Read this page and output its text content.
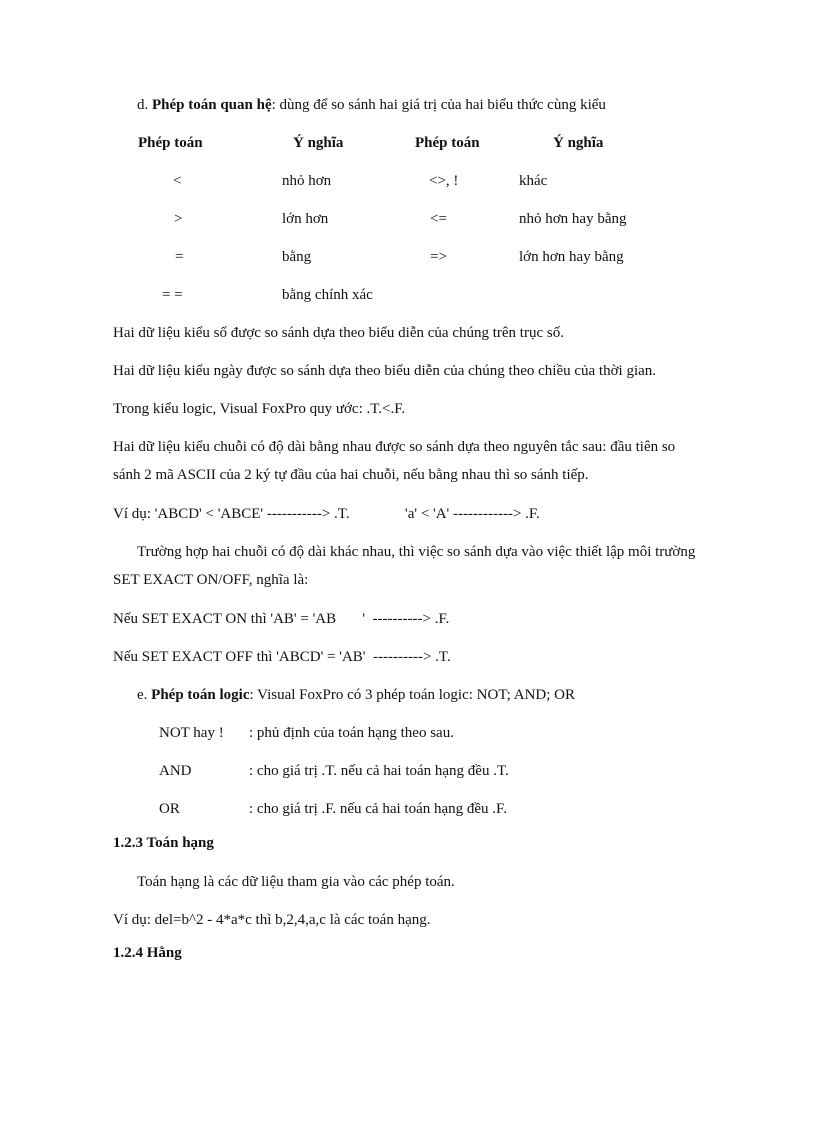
d. Phép toán quan hệ: dùng để so sánh hai giá trị của hai biểu thức cùng kiểu
Phép toán	Ý nghĩa	Phép toán	Ý nghĩa
<	nhỏ hơn	<>, !	khác
>	lớn hơn	<=	nhỏ hơn hay bằng
=	bằng	=>	lớn hơn hay bằng
= =	bằng chính xác
Hai dữ liệu kiểu số được so sánh dựa theo biểu diễn của chúng trên trục số.
Hai dữ liệu kiểu ngày được so sánh dựa theo biểu diễn của chúng theo chiều của thời gian.
Trong kiểu logic, Visual FoxPro quy ước: .T.<.F.
Hai dữ liệu kiểu chuỗi có độ dài bằng nhau được so sánh dựa theo nguyên tắc sau: đầu tiên so
sánh 2 mã ASCII của 2 ký tự đầu của hai chuỗi, nếu bằng nhau thì so sánh tiếp.
Ví dụ: 'ABCD' < 'ABCE' -----------> .T.	'a' < 'A' ------------> .F.
Trường hợp hai chuỗi có độ dài khác nhau, thì việc so sánh dựa vào việc thiết lập môi trường
SET EXACT ON/OFF, nghĩa là:
Nếu SET EXACT ON thì 'AB' = 'AB       '  ----------> .F.
Nếu SET EXACT OFF thì 'ABCD' = 'AB'  ----------> .T.
e. Phép toán logic: Visual FoxPro có 3 phép toán logic: NOT; AND; OR
NOT hay ! : phủ định của toán hạng theo sau.
AND	: cho giá trị .T. nếu cả hai toán hạng đều .T.
OR	: cho giá trị .F. nếu cả hai toán hạng đều .F.
1.2.3 Toán hạng
Toán hạng là các dữ liệu tham gia vào các phép toán.
Ví dụ: del=b^2 - 4*a*c thì b,2,4,a,c là các toán hạng.
1.2.4 Hằng
